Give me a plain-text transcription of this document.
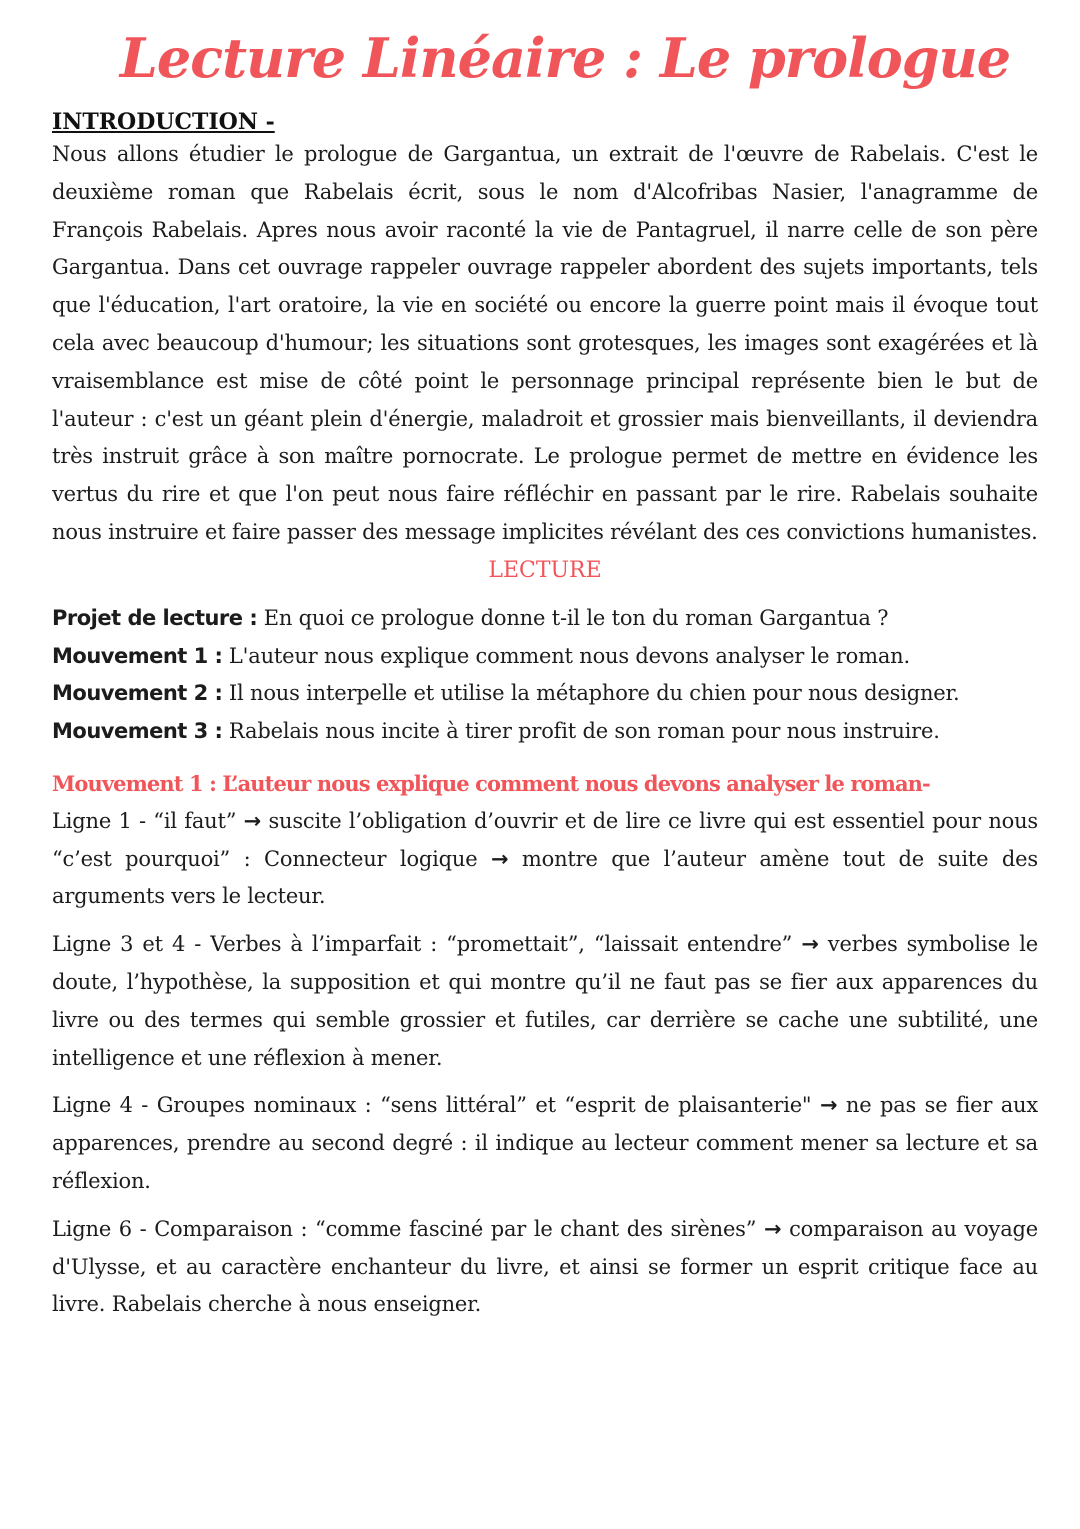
Lecture Linéaire : Le prologue
INTRODUCTION -

Nous allons étudier le prologue de Gargantua, un extrait de l'œuvre de Rabelais. C'est le deuxième roman que Rabelais écrit, sous le nom d'Alcofribas Nasier, l'anagramme de François Rabelais. Apres nous avoir raconté la vie de Pantagruel, il narre celle de son père Gargantua. Dans cet ouvrage rappeler ouvrage rappeler abordent des sujets importants, tels que l'éducation, l'art oratoire, la vie en société ou encore la guerre point mais il évoque tout cela avec beaucoup d'humour; les situations sont grotesques, les images sont exagérées et là vraisemblance est mise de côté point le personnage principal représente bien le but de l'auteur : c'est un géant plein d'énergie, maladroit et grossier mais bienveillants, il deviendra très instruit grâce à son maître pornocrate. Le prologue permet de mettre en évidence les vertus du rire et que l'on peut nous faire réfléchir en passant par le rire. Rabelais souhaite nous instruire et faire passer des message implicites révélant des ces convictions humanistes.

LECTURE

Projet de lecture : En quoi ce prologue donne t-il le ton du roman Gargantua ?

Mouvement 1 : L'auteur nous explique comment nous devons analyser le roman.

Mouvement 2 : Il nous interpelle et utilise la métaphore du chien pour nous designer.

Mouvement 3 : Rabelais nous incite à tirer profit de son roman pour nous instruire.

Mouvement 1 : L’auteur nous explique comment nous devons analyser le roman-

Ligne 1 - “il faut” → suscite l’obligation d’ouvrir et de lire ce livre qui est essentiel pour nous “c’est pourquoi” : Connecteur logique → montre que l’auteur amène tout de suite des arguments vers le lecteur.

Ligne 3 et 4 - Verbes à l’imparfait : “promettait”, “laissait entendre” → verbes symbolise le doute, l’hypothèse, la supposition et qui montre qu’il ne faut pas se fier aux apparences du livre ou des termes qui semble grossier et futiles, car derrière se cache une subtilité, une intelligence et une réflexion à mener.

Ligne 4 - Groupes nominaux : “sens littéral” et “esprit de plaisanterie" → ne pas se fier aux apparences, prendre au second degré : il indique au lecteur comment mener sa lecture et sa réflexion.

Ligne 6 - Comparaison : “comme fasciné par le chant des sirènes” → comparaison au voyage d'Ulysse, et au caractère enchanteur du livre, et ainsi se former un esprit critique face au livre. Rabelais cherche à nous enseigner.
